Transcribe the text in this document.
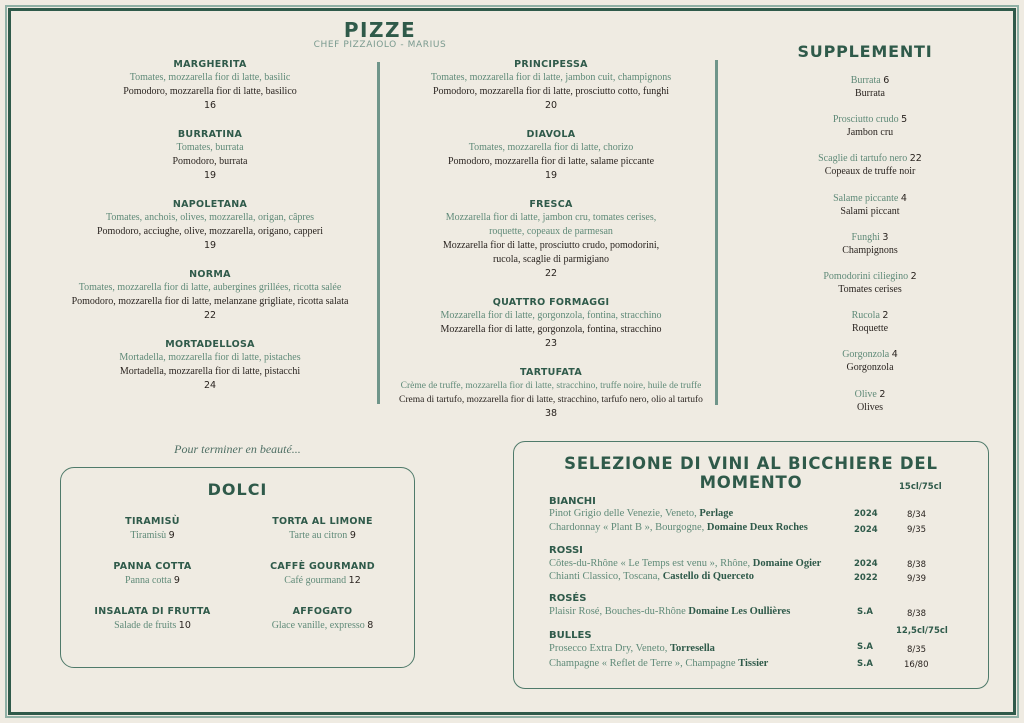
PIZZE
CHEF PIZZAIOLO - MARIUS
MARGHERITA
Tomates, mozzarella fior di latte, basilic
Pomodoro, mozzarella fior di latte, basilico
16
BURRATINA
Tomates, burrata
Pomodoro, burrata
19
NAPOLETANA
Tomates, anchois, olives, mozzarella, origan, câpres
Pomodoro, acciughe, olive, mozzarella, origano, capperi
19
NORMA
Tomates, mozzarella fior di latte, aubergines grillées, ricotta salée
Pomodoro, mozzarella fior di latte, melanzane grigliate, ricotta salata
22
MORTADELLOSA
Mortadella, mozzarella fior di latte, pistaches
Mortadella, mozzarella fior di latte, pistacchi
24
PRINCIPESSA
Tomates, mozzarella fior di latte, jambon cuit, champignons
Pomodoro, mozzarella fior di latte, prosciutto cotto, funghi
20
DIAVOLA
Tomates, mozzarella fior di latte, chorizo
Pomodoro, mozzarella fior di latte, salame piccante
19
FRESCA
Mozzarella fior di latte, jambon cru, tomates cerises, roquette, copeaux de parmesan
Mozzarella fior di latte, prosciutto crudo, pomodorini, rucola, scaglie di parmigiano
22
QUATTRO FORMAGGI
Mozzarella fior di latte, gorgonzola, fontina, stracchino
Mozzarella fior di latte, gorgonzola, fontina, stracchino
23
TARTUFATA
Crème de truffe, mozzarella fior di latte, stracchino, truffe noire, huile de truffe
Crema di tartufo, mozzarella fior di latte, stracchino, tarfufo nero, olio al tartufo
38
SUPPLEMENTI
Burrata 6
Burrata
Prosciutto crudo 5
Jambon cru
Scaglie di tartufo nero 22
Copeaux de truffe noir
Salame piccante 4
Salami piccant
Funghi 3
Champignons
Pomodorini ciliegino 2
Tomates cerises
Rucola 2
Roquette
Gorgonzola 4
Gorgonzola
Olive 2
Olives
Pour terminer en beauté...
DOLCI
TIRAMISÙ
Tiramisù 9
TORTA AL LIMONE
Tarte au citron 9
PANNA COTTA
Panna cotta 9
CAFFÈ GOURMAND
Café gourmand 12
INSALATA DI FRUTTA
Salade de fruits 10
AFFOGATO
Glace vanille, expresso 8
SELEZIONE DI VINI AL BICCHIERE DEL MOMENTO	15cl/75cl
BIANCHI
Pinot Grigio delle Venezie, Veneto, Perlage	2024	8/34
Chardonnay « Plant B », Bourgogne, Domaine Deux Roches	2024	9/35
ROSSI
Côtes-du-Rhône « Le Temps est venu », Rhône, Domaine Ogier	2024	8/38
Chianti Classico, Toscana, Castello di Querceto	2022	9/39
ROSÉS
Plaisir Rosé, Bouches-du-Rhône Domaine Les Oullières	S.A	8/38
12,5cl/75cl
BULLES
Prosecco Extra Dry, Veneto, Torresella	S.A	8/35
Champagne « Reflet de Terre », Champagne Tissier	S.A	16/80
